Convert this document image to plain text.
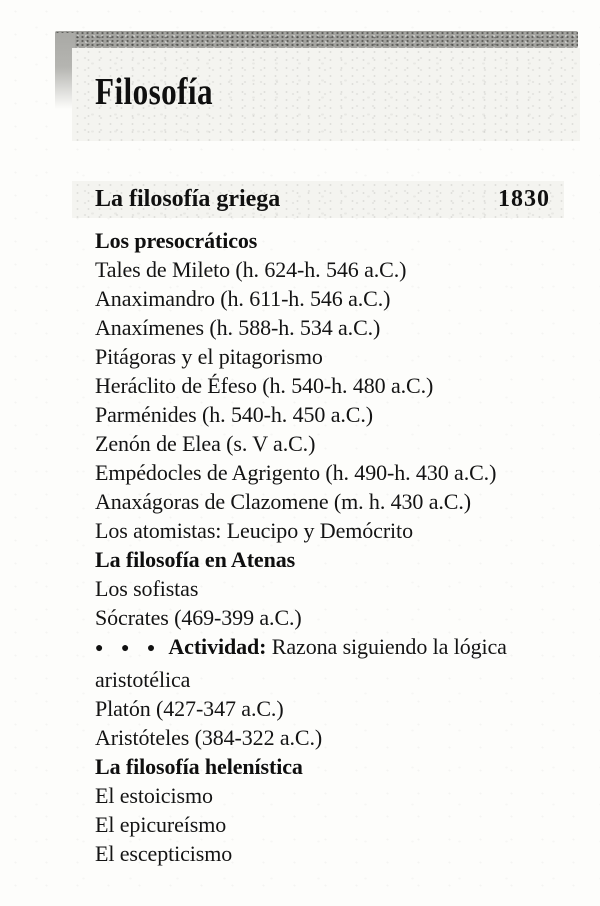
Filosofía
La filosofía griega	1830
Los presocráticos
Tales de Mileto (h. 624-h. 546 a.C.)
Anaximandro (h. 611-h. 546 a.C.)
Anaxímenes (h. 588-h. 534 a.C.)
Pitágoras y el pitagorismo
Heráclito de Éfeso (h. 540-h. 480 a.C.)
Parménides (h. 540-h. 450 a.C.)
Zenón de Elea (s. V a.C.)
Empédocles de Agrigento (h. 490-h. 430 a.C.)
Anaxágoras de Clazomene (m. h. 430 a.C.)
Los atomistas: Leucipo y Demócrito
La filosofía en Atenas
Los sofistas
Sócrates (469-399 a.C.)
● ● ● Actividad: Razona siguiendo la lógica aristotélica
Platón (427-347 a.C.)
Aristóteles (384-322 a.C.)
La filosofía helenística
El estoicismo
El epicureísmo
El escepticismo
